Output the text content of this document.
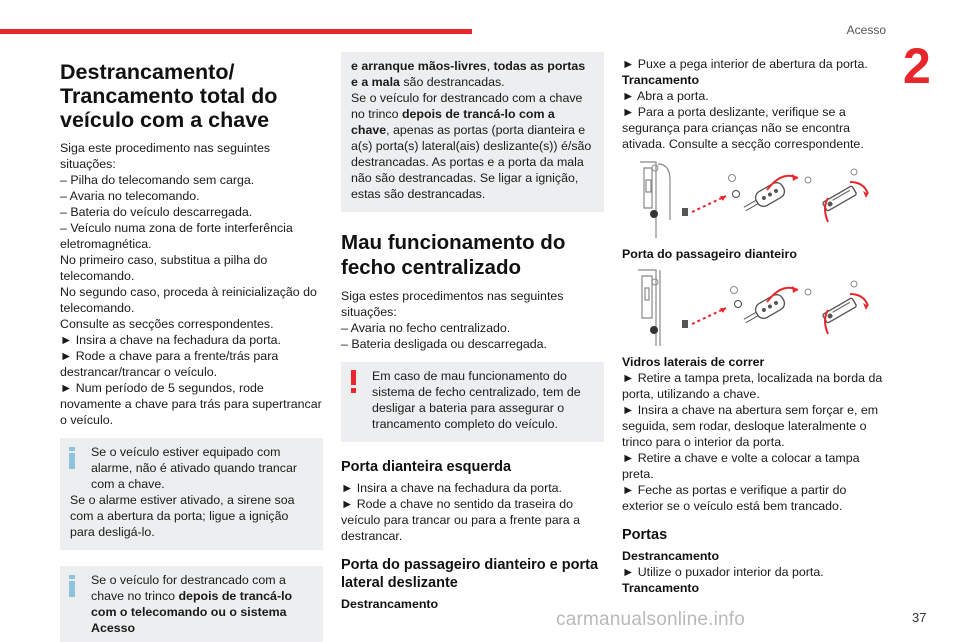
Acesso
2
Destrancamento/
Trancamento total do
veículo com a chave

Siga este procedimento nas seguintes situações:

– Pilha do telecomando sem carga.

– Avaria no telecomando.

– Bateria do veículo descarregada.

– Veículo numa zona de forte interferência eletromagnética.

No primeiro caso, substitua a pilha do telecomando.

No segundo caso, proceda à reinicialização do telecomando.

Consulte as secções correspondentes.

► Insira a chave na fechadura da porta.

► Rode a chave para a frente/trás para destrancar/trancar o veículo.

► Num período de 5 segundos, rode novamente a chave para trás para supertrancar o veículo.

Se o veículo estiver equipado com alarme, não é ativado quando trancar com a chave.

Se o alarme estiver ativado, a sirene soa com a abertura da porta; ligue a ignição para desligá-lo.

Se o veículo for destrancado com a chave no trinco depois de trancá-lo com o telecomando ou o sistema Acesso

e arranque mãos-livres, todas as portas e a mala são destrancadas.

Se o veículo for destrancado com a chave no trinco depois de trancá-lo com a chave, apenas as portas (porta dianteira e a(s) porta(s) lateral(ais) deslizante(s)) é/são destrancadas. As portas e a porta da mala não são destrancadas. Se ligar a ignição, estas são destrancadas.

Mau funcionamento do fecho centralizado

Siga estes procedimentos nas seguintes situações:

– Avaria no fecho centralizado.

– Bateria desligada ou descarregada.

Em caso de mau funcionamento do sistema de fecho centralizado, tem de desligar a bateria para assegurar o trancamento completo do veículo.

Porta dianteira esquerda

► Insira a chave na fechadura da porta.

► Rode a chave no sentido da traseira do veículo para trancar ou para a frente para a destrancar.

Porta do passageiro dianteiro e porta lateral deslizante
Destrancamento

► Puxe a pega interior de abertura da porta.

Trancamento

► Abra a porta.

► Para a porta deslizante, verifique se a segurança para crianças não se encontra ativada. Consulte a secção correspondente.

Porta do passageiro dianteiro
Vidros laterais de correr

► Retire a tampa preta, localizada na borda da porta, utilizando a chave.

► Insira a chave na abertura sem forçar e, em seguida, sem rodar, desloque lateralmente o trinco para o interior da porta.

► Retire a chave e volte a colocar a tampa preta.

► Feche as portas e verifique a partir do exterior se o veículo está bem trancado.

Portas
Destrancamento

► Utilize o puxador interior da porta.

Trancamento
carmanualsonline.info	37
